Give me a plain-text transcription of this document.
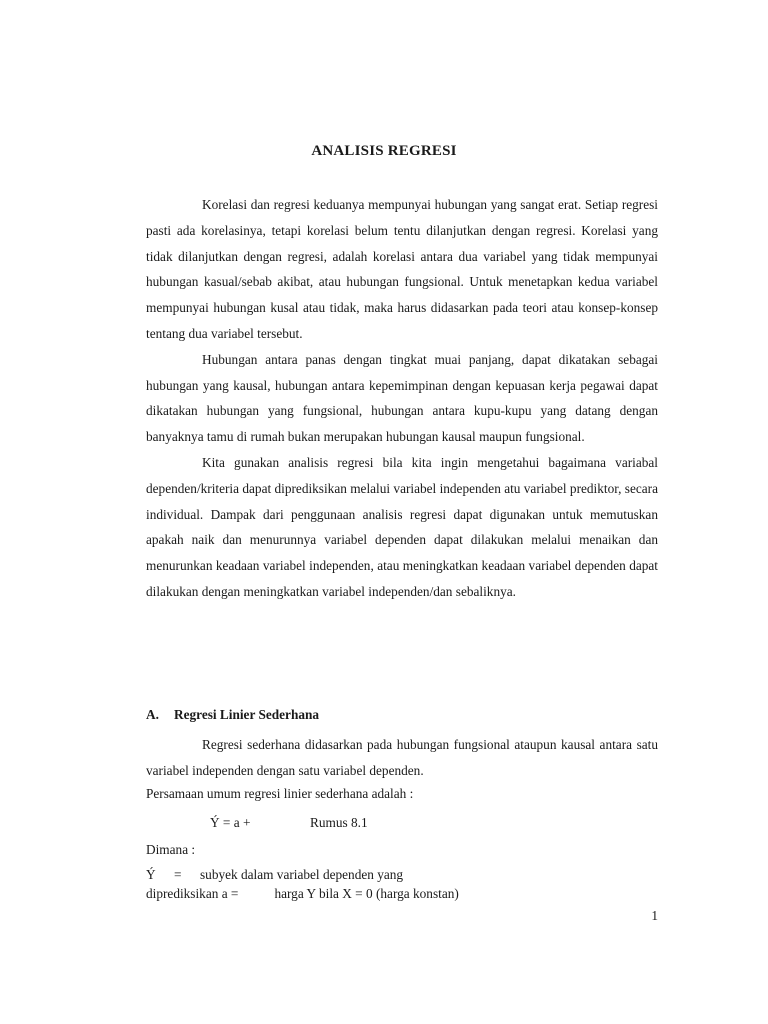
ANALISIS REGRESI

Korelasi dan regresi keduanya mempunyai hubungan yang sangat erat. Setiap regresi pasti ada korelasinya, tetapi korelasi belum tentu dilanjutkan dengan regresi. Korelasi yang tidak dilanjutkan dengan regresi, adalah korelasi antara dua variabel yang tidak mempunyai hubungan kasual/sebab akibat, atau hubungan fungsional. Untuk menetapkan kedua variabel mempunyai hubungan kusal atau tidak, maka harus didasarkan pada teori atau konsep-konsep tentang dua variabel tersebut.

Hubungan antara panas dengan tingkat muai panjang, dapat dikatakan sebagai hubungan yang kausal, hubungan antara kepemimpinan dengan kepuasan kerja pegawai dapat dikatakan hubungan yang fungsional, hubungan antara kupu-kupu yang datang dengan banyaknya tamu di rumah bukan merupakan hubungan kausal maupun fungsional.

Kita gunakan analisis regresi bila kita ingin mengetahui bagaimana variabal dependen/kriteria dapat diprediksikan melalui variabel independen atu variabel prediktor, secara individual. Dampak dari penggunaan analisis regresi dapat digunakan untuk memutuskan apakah naik dan menurunnya variabel dependen dapat dilakukan melalui menaikan dan menurunkan keadaan variabel independen, atau meningkatkan keadaan variabel dependen dapat dilakukan dengan meningkatkan variabel independen/dan sebaliknya.

A. Regresi Linier Sederhana

Regresi sederhana didasarkan pada hubungan fungsional ataupun kausal antara satu variabel independen dengan satu variabel dependen.

Persamaan umum regresi linier sederhana adalah :
Ý = a +	Rumus 8.1
Dimana :
Ý = subyek dalam variabel dependen yang
diprediksikan a =	harga Y bila X = 0 (harga konstan)
1
